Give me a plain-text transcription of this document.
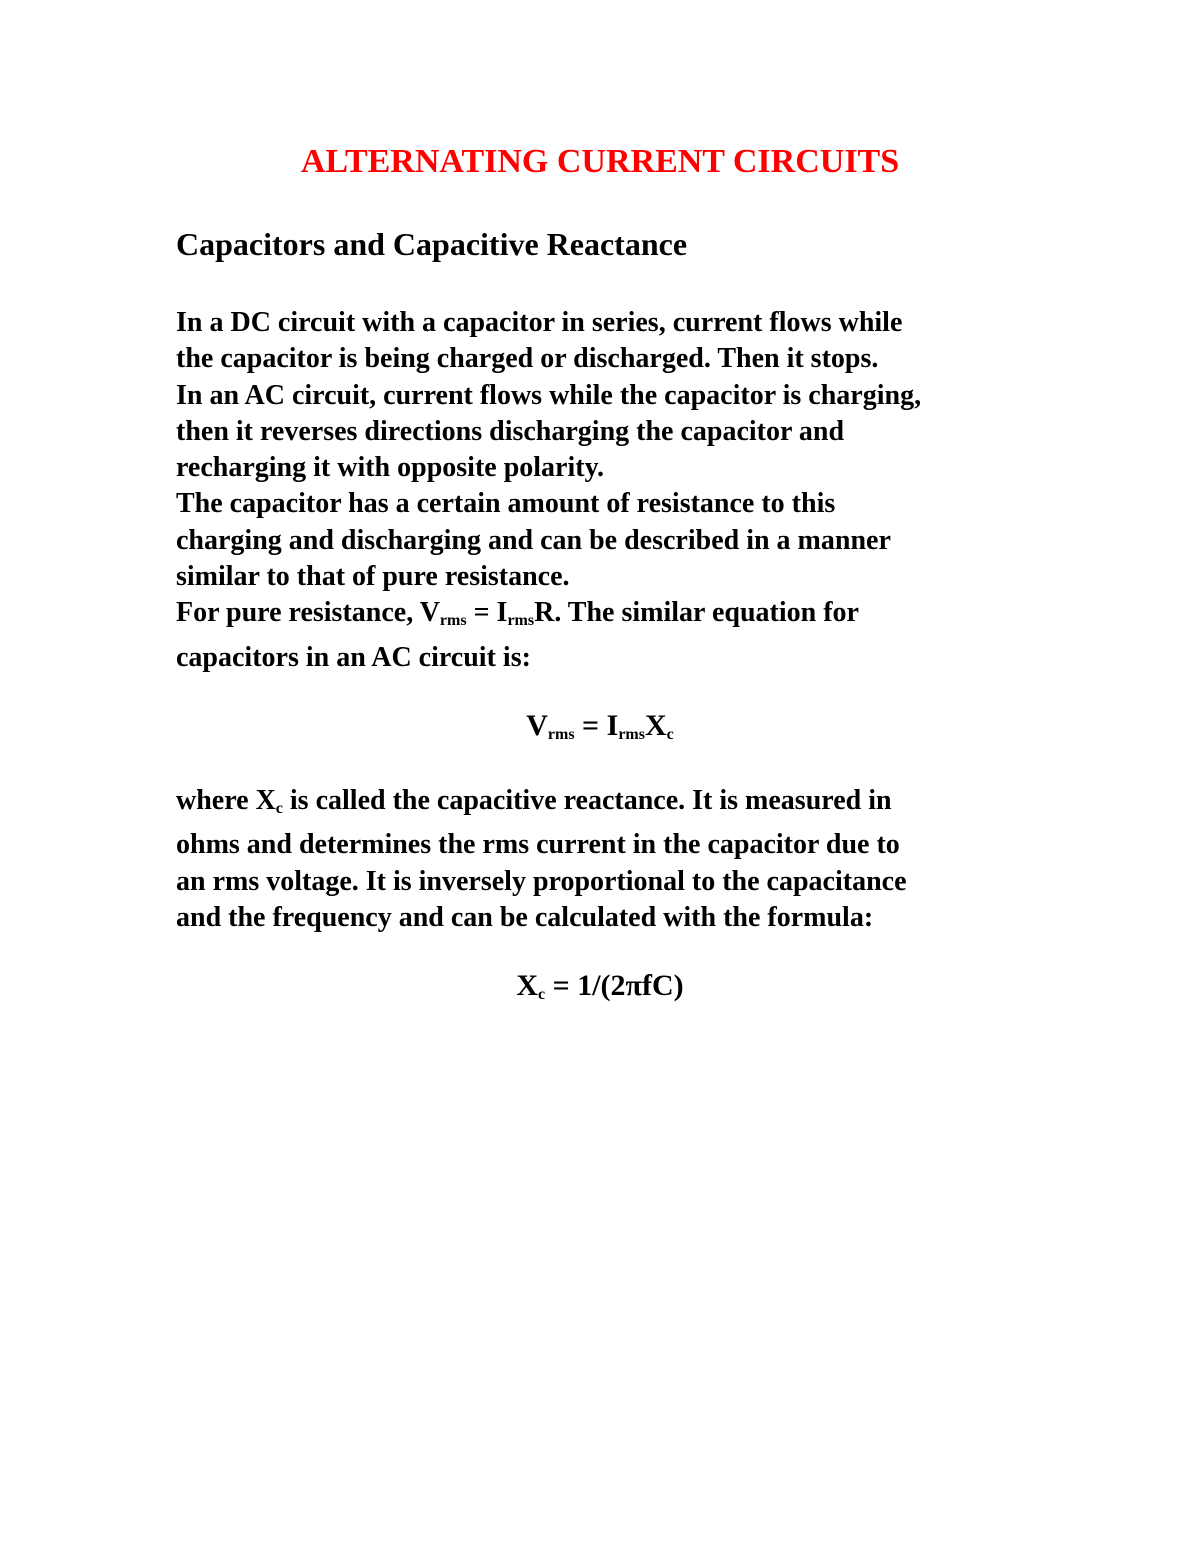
ALTERNATING CURRENT CIRCUITS
Capacitors and Capacitive Reactance
In a DC circuit with a capacitor in series, current flows while
the capacitor is being charged or discharged. Then it stops.
In an AC circuit, current flows while the capacitor is charging,
then it reverses directions discharging the capacitor and
recharging it with opposite polarity.
The capacitor has a certain amount of resistance to this
charging and discharging and can be described in a manner
similar to that of pure resistance.
For pure resistance, $V_{rms} = I_{rms}R$. The similar equation for
capacitors in an AC circuit is:
$V_{rms} = I_{rms}X_c$
where $X_c$ is called the capacitive reactance. It is measured in
ohms and determines the rms current in the capacitor due to
an rms voltage. It is inversely proportional to the capacitance
and the frequency and can be calculated with the formula:
$X_c = 1/(2\pi fC)$
